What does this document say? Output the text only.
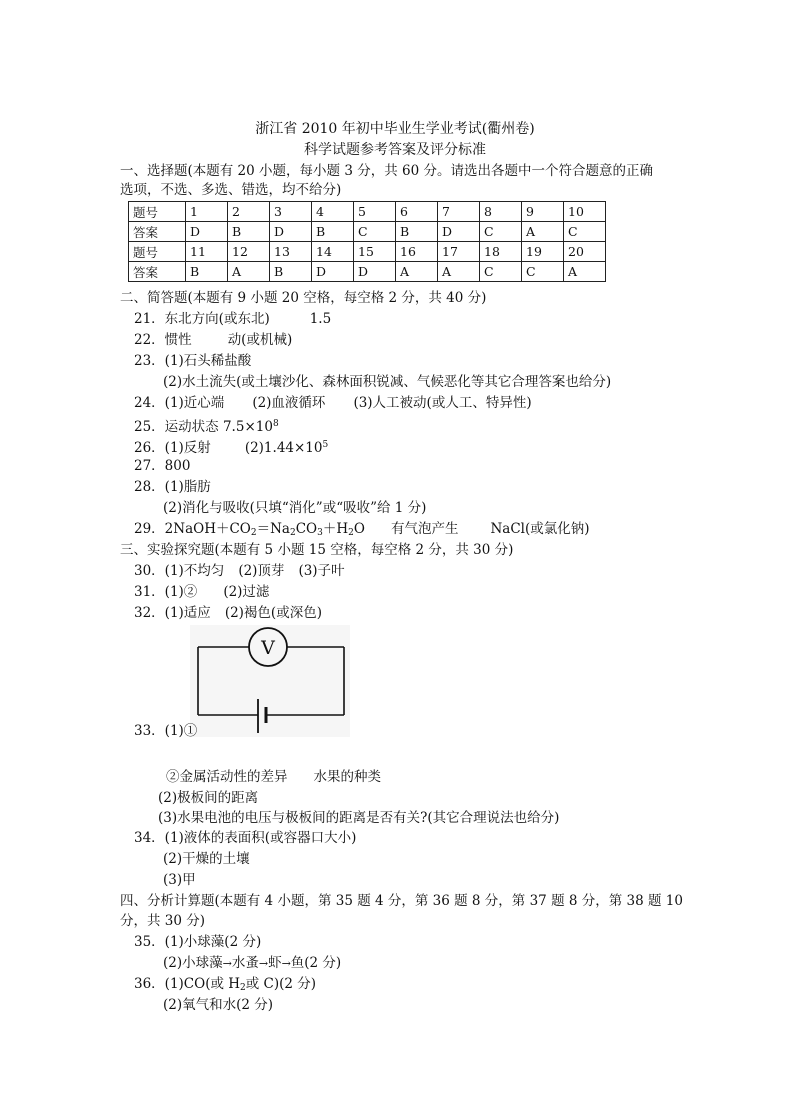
浙江省 2010 年初中毕业生学业考试(衢州卷)
科学试题参考答案及评分标准
一、选择题(本题有 20 小题，每小题 3 分，共 60 分。请选出各题中一个符合题意的正确
选项，不选、多选、错选，均不给分)
题号	1	2	3	4	5	6	7	8	9	10
答案	D	B	D	B	C	B	D	C	A	C
题号	11	12	13	14	15	16	17	18	19	20
答案	B	A	B	D	D	A	A	C	C	A
二、简答题(本题有 9 小题 20 空格，每空格 2 分，共 40 分)
21．东北方向(或东北)	1.5
22．惯性	动(或机械)
23．(1)石头稀盐酸
(2)水土流失(或土壤沙化、森林面积锐减、气候恶化等其它合理答案也给分)
24．(1)近心端 (2)血液循环 (3)人工被动(或人工、特异性)
25．运动状态 $7.5\times 10^8$
26．(1)反射	$(2)1.44\times 10^5$
27．800
28．(1)脂肪
(2)消化与吸收(只填“消化”或“吸收”给 1 分)
29．$2NaOH+CO_2=Na_2CO_3+H_2O$ 有气泡产生 NaCl(或氯化钠)
三、实验探究题(本题有 5 小题 15 空格，每空格 2 分，共 30 分)
30．(1)不均匀 (2)顶芽 (3)子叶
31．(1)② (2)过滤
32．(1)适应 (2)褐色(或深色)
V
33．(1)①
②金属活动性的差异 水果的种类
(2)极板间的距离
(3)水果电池的电压与极板间的距离是否有关?(其它合理说法也给分)
34．(1)液体的表面积(或容器口大小)
(2)干燥的土壤
(3)甲
四、分析计算题(本题有 4 小题，第 35 题 4 分，第 36 题 8 分，第 37 题 8 分，第 38 题 10
分，共 30 分)
35．(1)小球藻(2 分)
(2)小球藻→水蚤→虾→鱼(2 分)
36．(1)CO(或 $H_2$或 C)(2 分)
(2)氧气和水(2 分)
